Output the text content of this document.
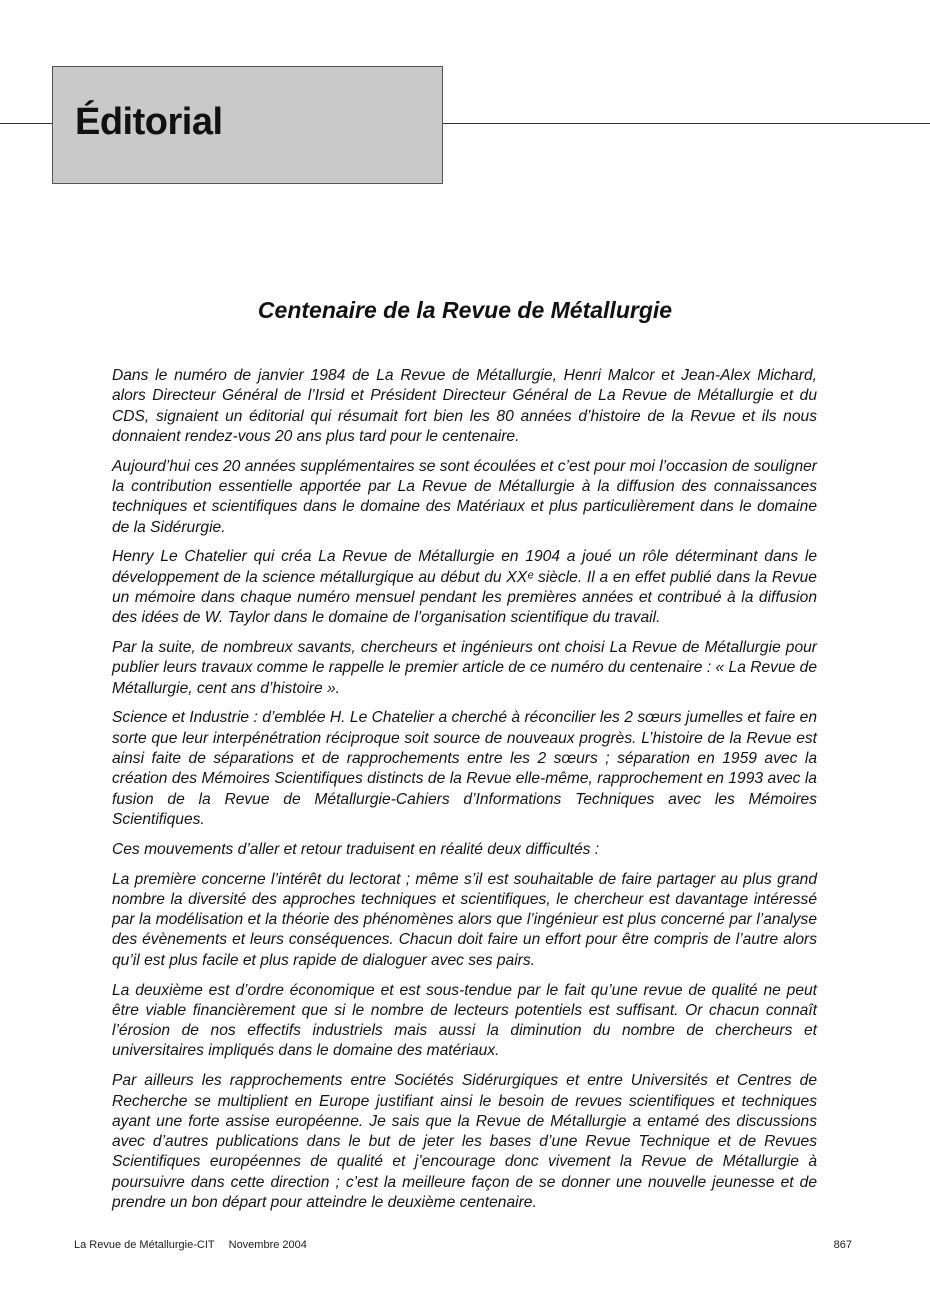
Éditorial
Centenaire de la Revue de Métallurgie

Dans le numéro de janvier 1984 de La Revue de Métallurgie, Henri Malcor et Jean-Alex Michard, alors Directeur Général de l’Irsid et Président Directeur Général de La Revue de Métallurgie et du CDS, signaient un éditorial qui résumait fort bien les 80 années d’histoire de la Revue et ils nous donnaient rendez-vous 20 ans plus tard pour le centenaire.

Aujourd’hui ces 20 années supplémentaires se sont écoulées et c’est pour moi l’occasion de souligner la contribution essentielle apportée par La Revue de Métallurgie à la diffusion des connaissances techniques et scientifiques dans le domaine des Matériaux et plus particulièrement dans le domaine de la Sidérurgie.

Henry Le Chatelier qui créa La Revue de Métallurgie en 1904 a joué un rôle déterminant dans le développement de la science métallurgique au début du XXᵉ siècle. Il a en effet publié dans la Revue un mémoire dans chaque numéro mensuel pendant les premières années et contribué à la diffusion des idées de W. Taylor dans le domaine de l’organisation scientifique du travail.

Par la suite, de nombreux savants, chercheurs et ingénieurs ont choisi La Revue de Métallurgie pour publier leurs travaux comme le rappelle le premier article de ce numéro du centenaire : « La Revue de Métallurgie, cent ans d’histoire ».

Science et Industrie : d’emblée H. Le Chatelier a cherché à réconcilier les 2 sœurs jumelles et faire en sorte que leur interpénétration réciproque soit source de nouveaux progrès. L’histoire de la Revue est ainsi faite de séparations et de rapprochements entre les 2 sœurs ; séparation en 1959 avec la création des Mémoires Scientifiques distincts de la Revue elle-même, rapprochement en 1993 avec la fusion de la Revue de Métallurgie-Cahiers d’Informations Techniques avec les Mémoires Scientifiques.

Ces mouvements d’aller et retour traduisent en réalité deux difficultés :

La première concerne l’intérêt du lectorat ; même s’il est souhaitable de faire partager au plus grand nombre la diversité des approches techniques et scientifiques, le chercheur est davantage intéressé par la modélisation et la théorie des phénomènes alors que l’ingénieur est plus concerné par l’analyse des évènements et leurs conséquences. Chacun doit faire un effort pour être compris de l’autre alors qu’il est plus facile et plus rapide de dialoguer avec ses pairs.

La deuxième est d’ordre économique et est sous-tendue par le fait qu’une revue de qualité ne peut être viable financièrement que si le nombre de lecteurs potentiels est suffisant. Or chacun connaît l’érosion de nos effectifs industriels mais aussi la diminution du nombre de chercheurs et universitaires impliqués dans le domaine des matériaux.

Par ailleurs les rapprochements entre Sociétés Sidérurgiques et entre Universités et Centres de Recherche se multiplient en Europe justifiant ainsi le besoin de revues scientifiques et techniques ayant une forte assise européenne. Je sais que la Revue de Métallurgie a entamé des discussions avec d’autres publications dans le but de jeter les bases d’une Revue Technique et de Revues Scientifiques européennes de qualité et j’encourage donc vivement la Revue de Métallurgie à poursuivre dans cette direction ; c’est la meilleure façon de se donner une nouvelle jeunesse et de prendre un bon départ pour atteindre le deuxième centenaire.

La Revue de Métallurgie-CIT Novembre 2004	867
